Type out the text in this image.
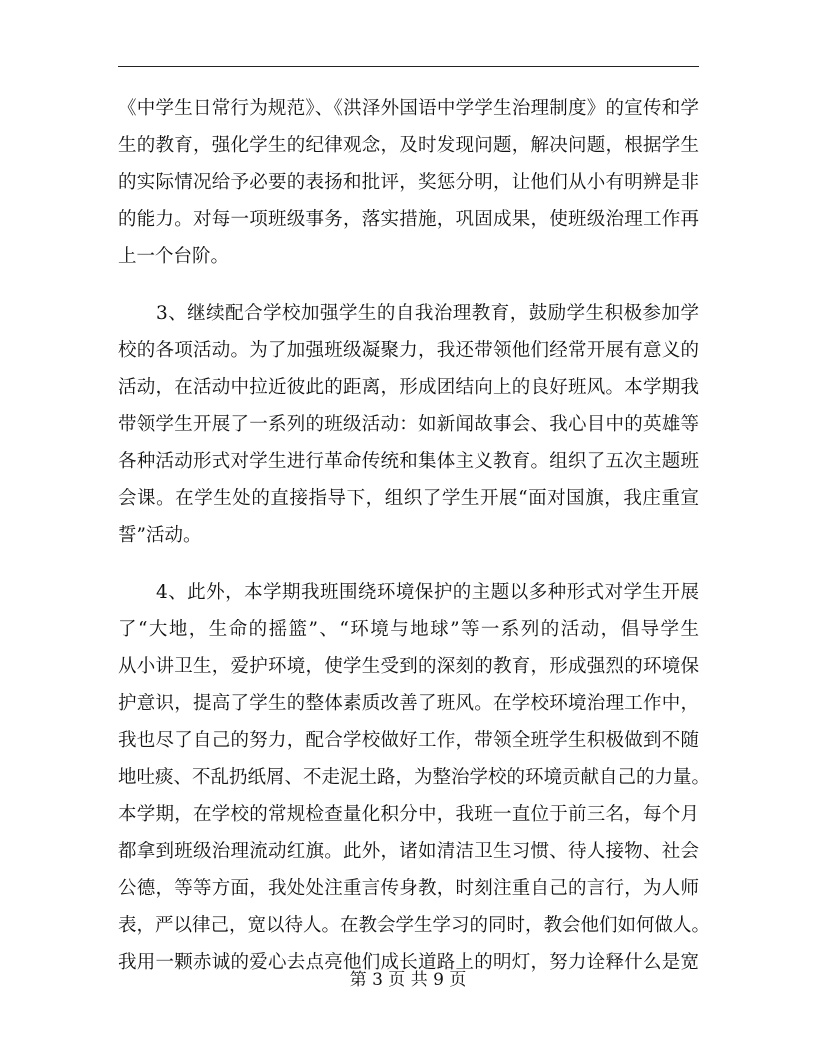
《中学生日常行为规范》、《洪泽外国语中学学生治理制度》的宣传和学

生的教育，强化学生的纪律观念，及时发现问题，解决问题，根据学生

的实际情况给予必要的表扬和批评，奖惩分明，让他们从小有明辨是非

的能力。对每一项班级事务，落实措施，巩固成果，使班级治理工作再

上一个台阶。

　　3、继续配合学校加强学生的自我治理教育，鼓励学生积极参加学

校的各项活动。为了加强班级凝聚力，我还带领他们经常开展有意义的

活动，在活动中拉近彼此的距离，形成团结向上的良好班风。本学期我

带领学生开展了一系列的班级活动：如新闻故事会、我心目中的英雄等

各种活动形式对学生进行革命传统和集体主义教育。组织了五次主题班

会课。在学生处的直接指导下，组织了学生开展“面对国旗，我庄重宣

誓”活动。

　　4、此外，本学期我班围绕环境保护的主题以多种形式对学生开展

了“大地，生命的摇篮”、“环境与地球”等一系列的活动，倡导学生

从小讲卫生，爱护环境，使学生受到的深刻的教育，形成强烈的环境保

护意识，提高了学生的整体素质改善了班风。在学校环境治理工作中，

我也尽了自己的努力，配合学校做好工作，带领全班学生积极做到不随

地吐痰、不乱扔纸屑、不走泥土路，为整治学校的环境贡献自己的力量。

本学期，在学校的常规检查量化积分中，我班一直位于前三名，每个月

都拿到班级治理流动红旗。此外，诸如清洁卫生习惯、待人接物、社会

公德，等等方面，我处处注重言传身教，时刻注重自己的言行，为人师

表，严以律己，宽以待人。在教会学生学习的同时，教会他们如何做人。

我用一颗赤诚的爱心去点亮他们成长道路上的明灯，努力诠释什么是宽

第 3 页 共 9 页
